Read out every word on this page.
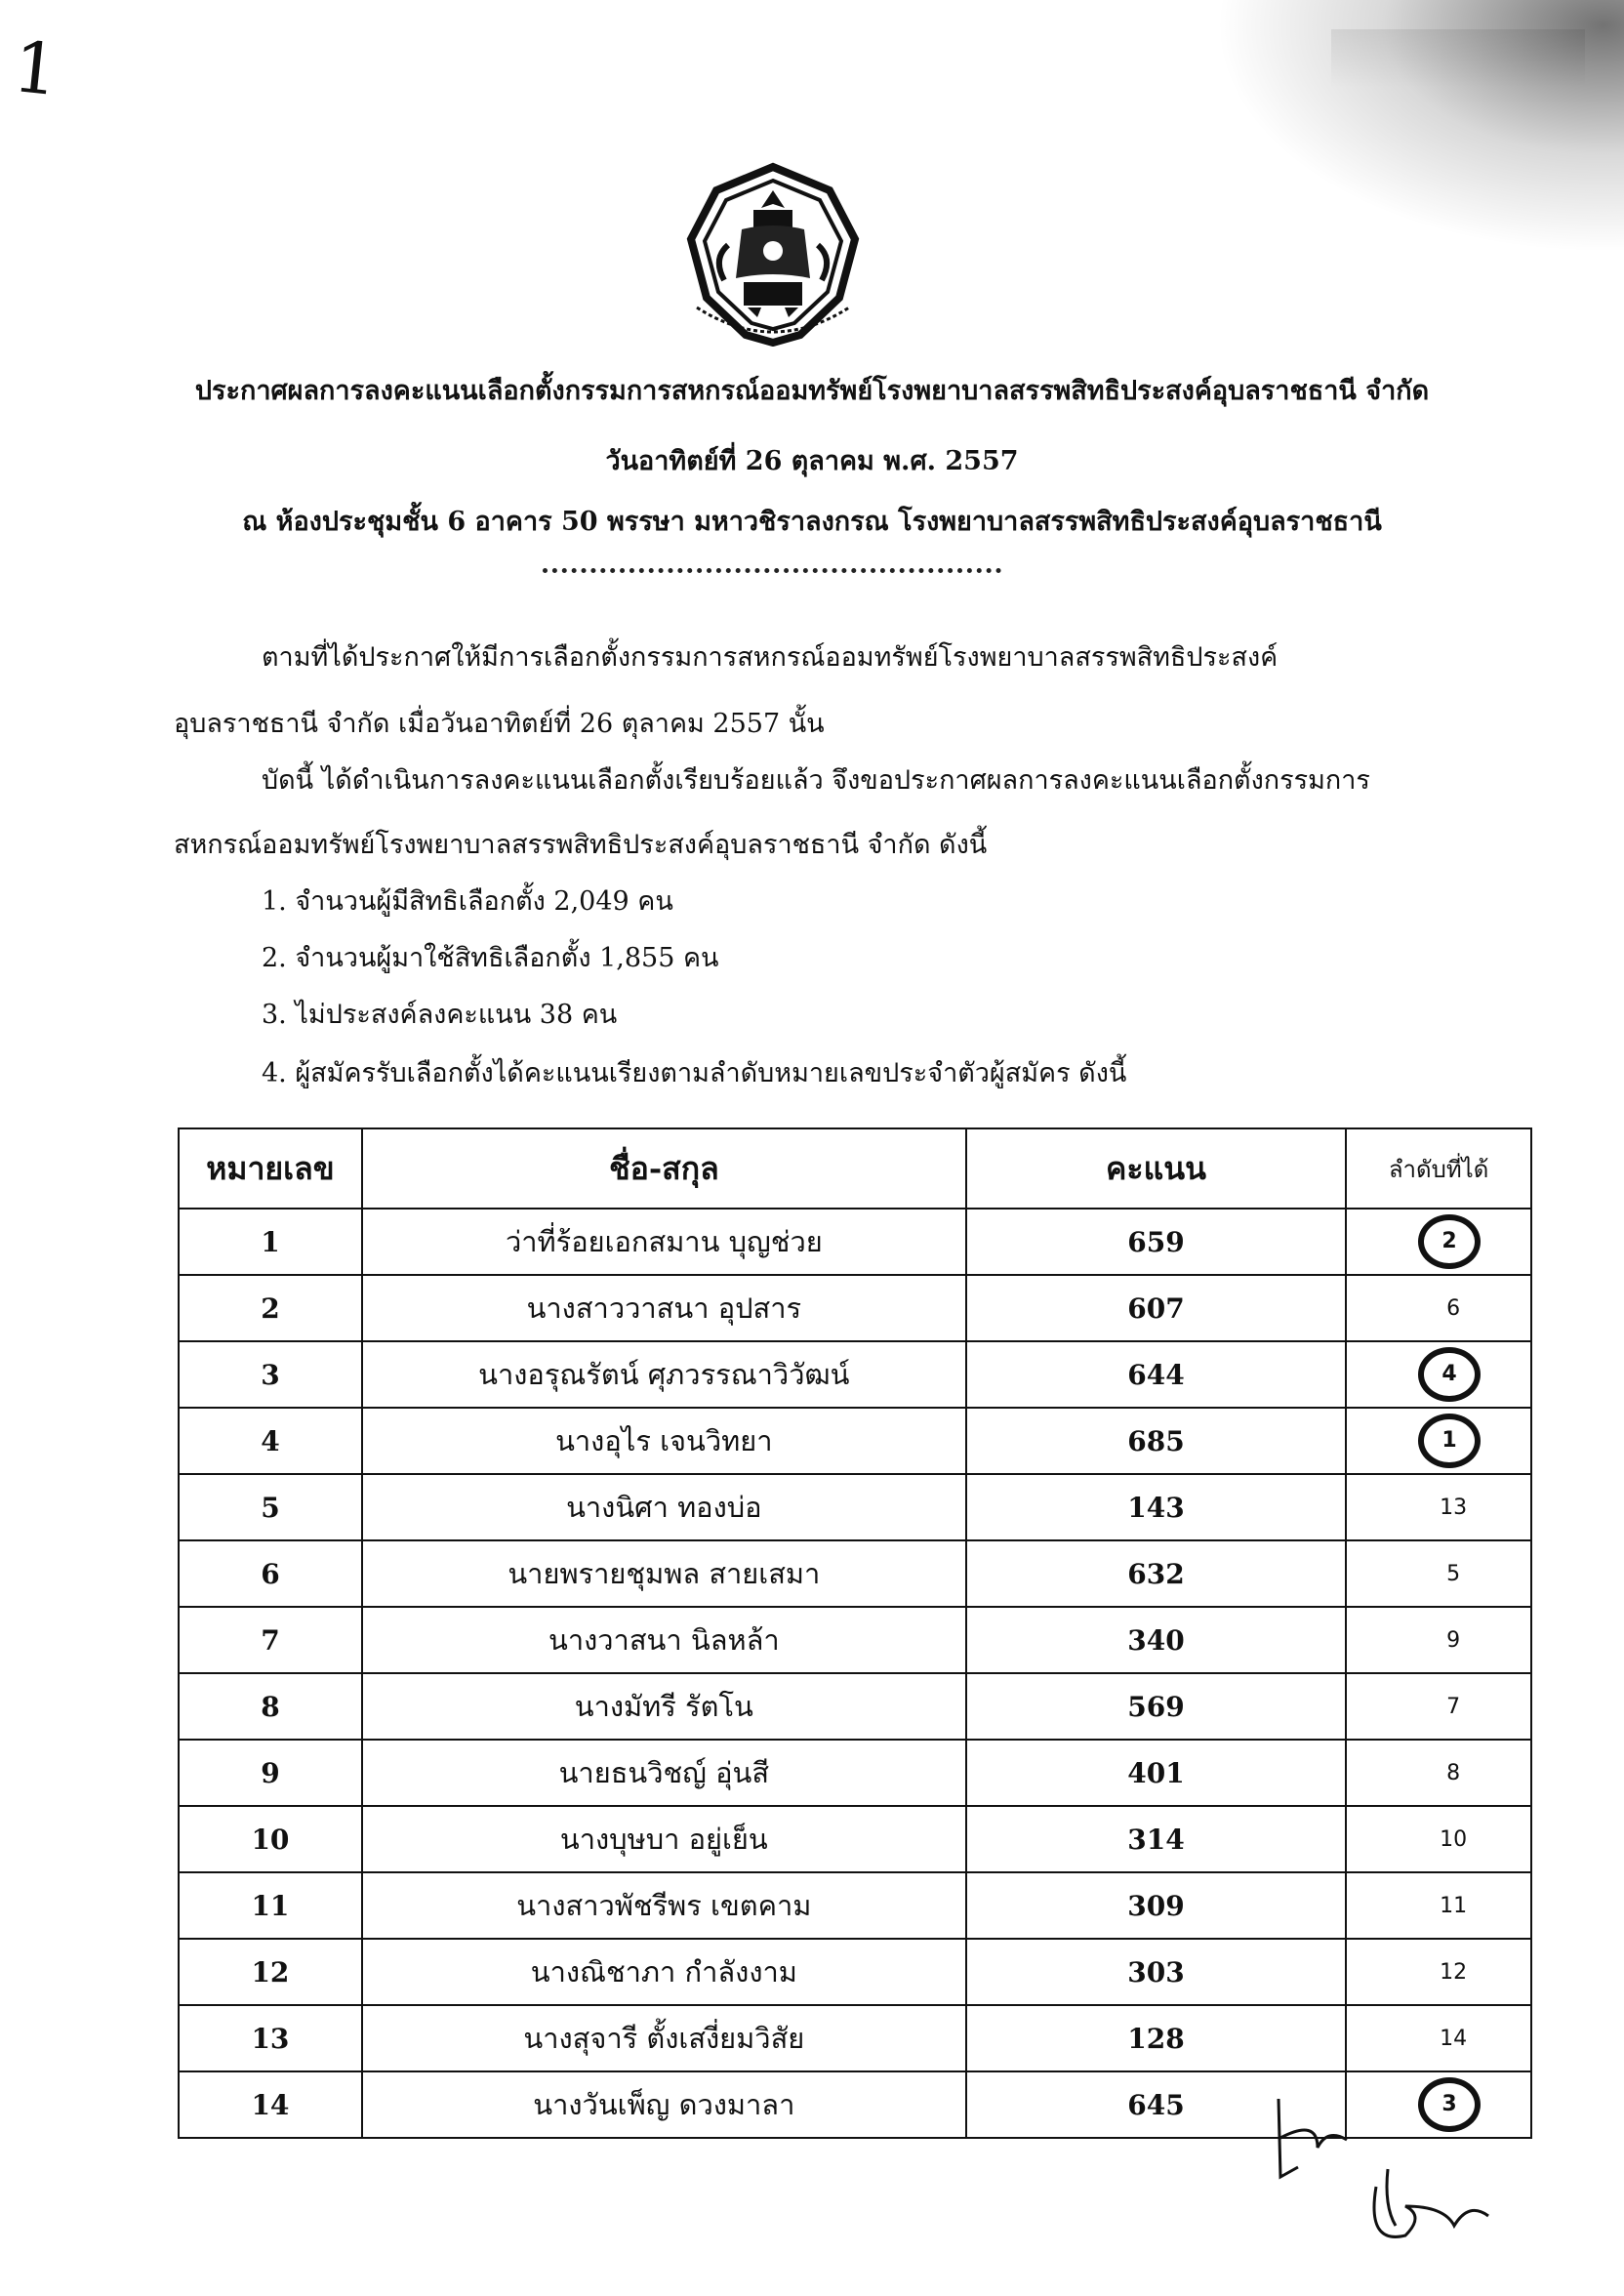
1
ประกาศผลการลงคะแนนเลือกตั้งกรรมการสหกรณ์ออมทรัพย์โรงพยาบาลสรรพสิทธิประสงค์อุบลราชธานี จำกัด
วันอาทิตย์ที่ 26 ตุลาคม พ.ศ. 2557
ณ ห้องประชุมชั้น 6 อาคาร 50 พรรษา มหาวชิราลงกรณ โรงพยาบาลสรรพสิทธิประสงค์อุบลราชธานี
ตามที่ได้ประกาศให้มีการเลือกตั้งกรรมการสหกรณ์ออมทรัพย์โรงพยาบาลสรรพสิทธิประสงค์
อุบลราชธานี จำกัด เมื่อวันอาทิตย์ที่ 26 ตุลาคม 2557 นั้น
บัดนี้ ได้ดำเนินการลงคะแนนเลือกตั้งเรียบร้อยแล้ว จึงขอประกาศผลการลงคะแนนเลือกตั้งกรรมการ
สหกรณ์ออมทรัพย์โรงพยาบาลสรรพสิทธิประสงค์อุบลราชธานี จำกัด ดังนี้
1. จำนวนผู้มีสิทธิเลือกตั้ง 2,049 คน
2. จำนวนผู้มาใช้สิทธิเลือกตั้ง 1,855 คน
3. ไม่ประสงค์ลงคะแนน 38 คน
4. ผู้สมัครรับเลือกตั้งได้คะแนนเรียงตามลำดับหมายเลขประจำตัวผู้สมัคร ดังนี้
หมายเลข	ชื่อ-สกุล	คะแนน	ลำดับที่ได้
1	ว่าที่ร้อยเอกสมาน บุญช่วย	659	2
2	นางสาววาสนา อุปสาร	607	6
3	นางอรุณรัตน์ ศุภวรรณาวิวัฒน์	644	4
4	นางอุไร เจนวิทยา	685	1
5	นางนิศา ทองบ่อ	143	13
6	นายพรายชุมพล สายเสมา	632	5
7	นางวาสนา นิลหล้า	340	9
8	นางมัทรี รัตโน	569	7
9	นายธนวิชญ์ อุ่นสี	401	8
10	นางบุษบา อยู่เย็น	314	10
11	นางสาวพัชรีพร เขตคาม	309	11
12	นางณิชาภา กำลังงาม	303	12
13	นางสุจารี ตั้งเสงี่ยมวิสัย	128	14
14	นางวันเพ็ญ ดวงมาลา	645	3
